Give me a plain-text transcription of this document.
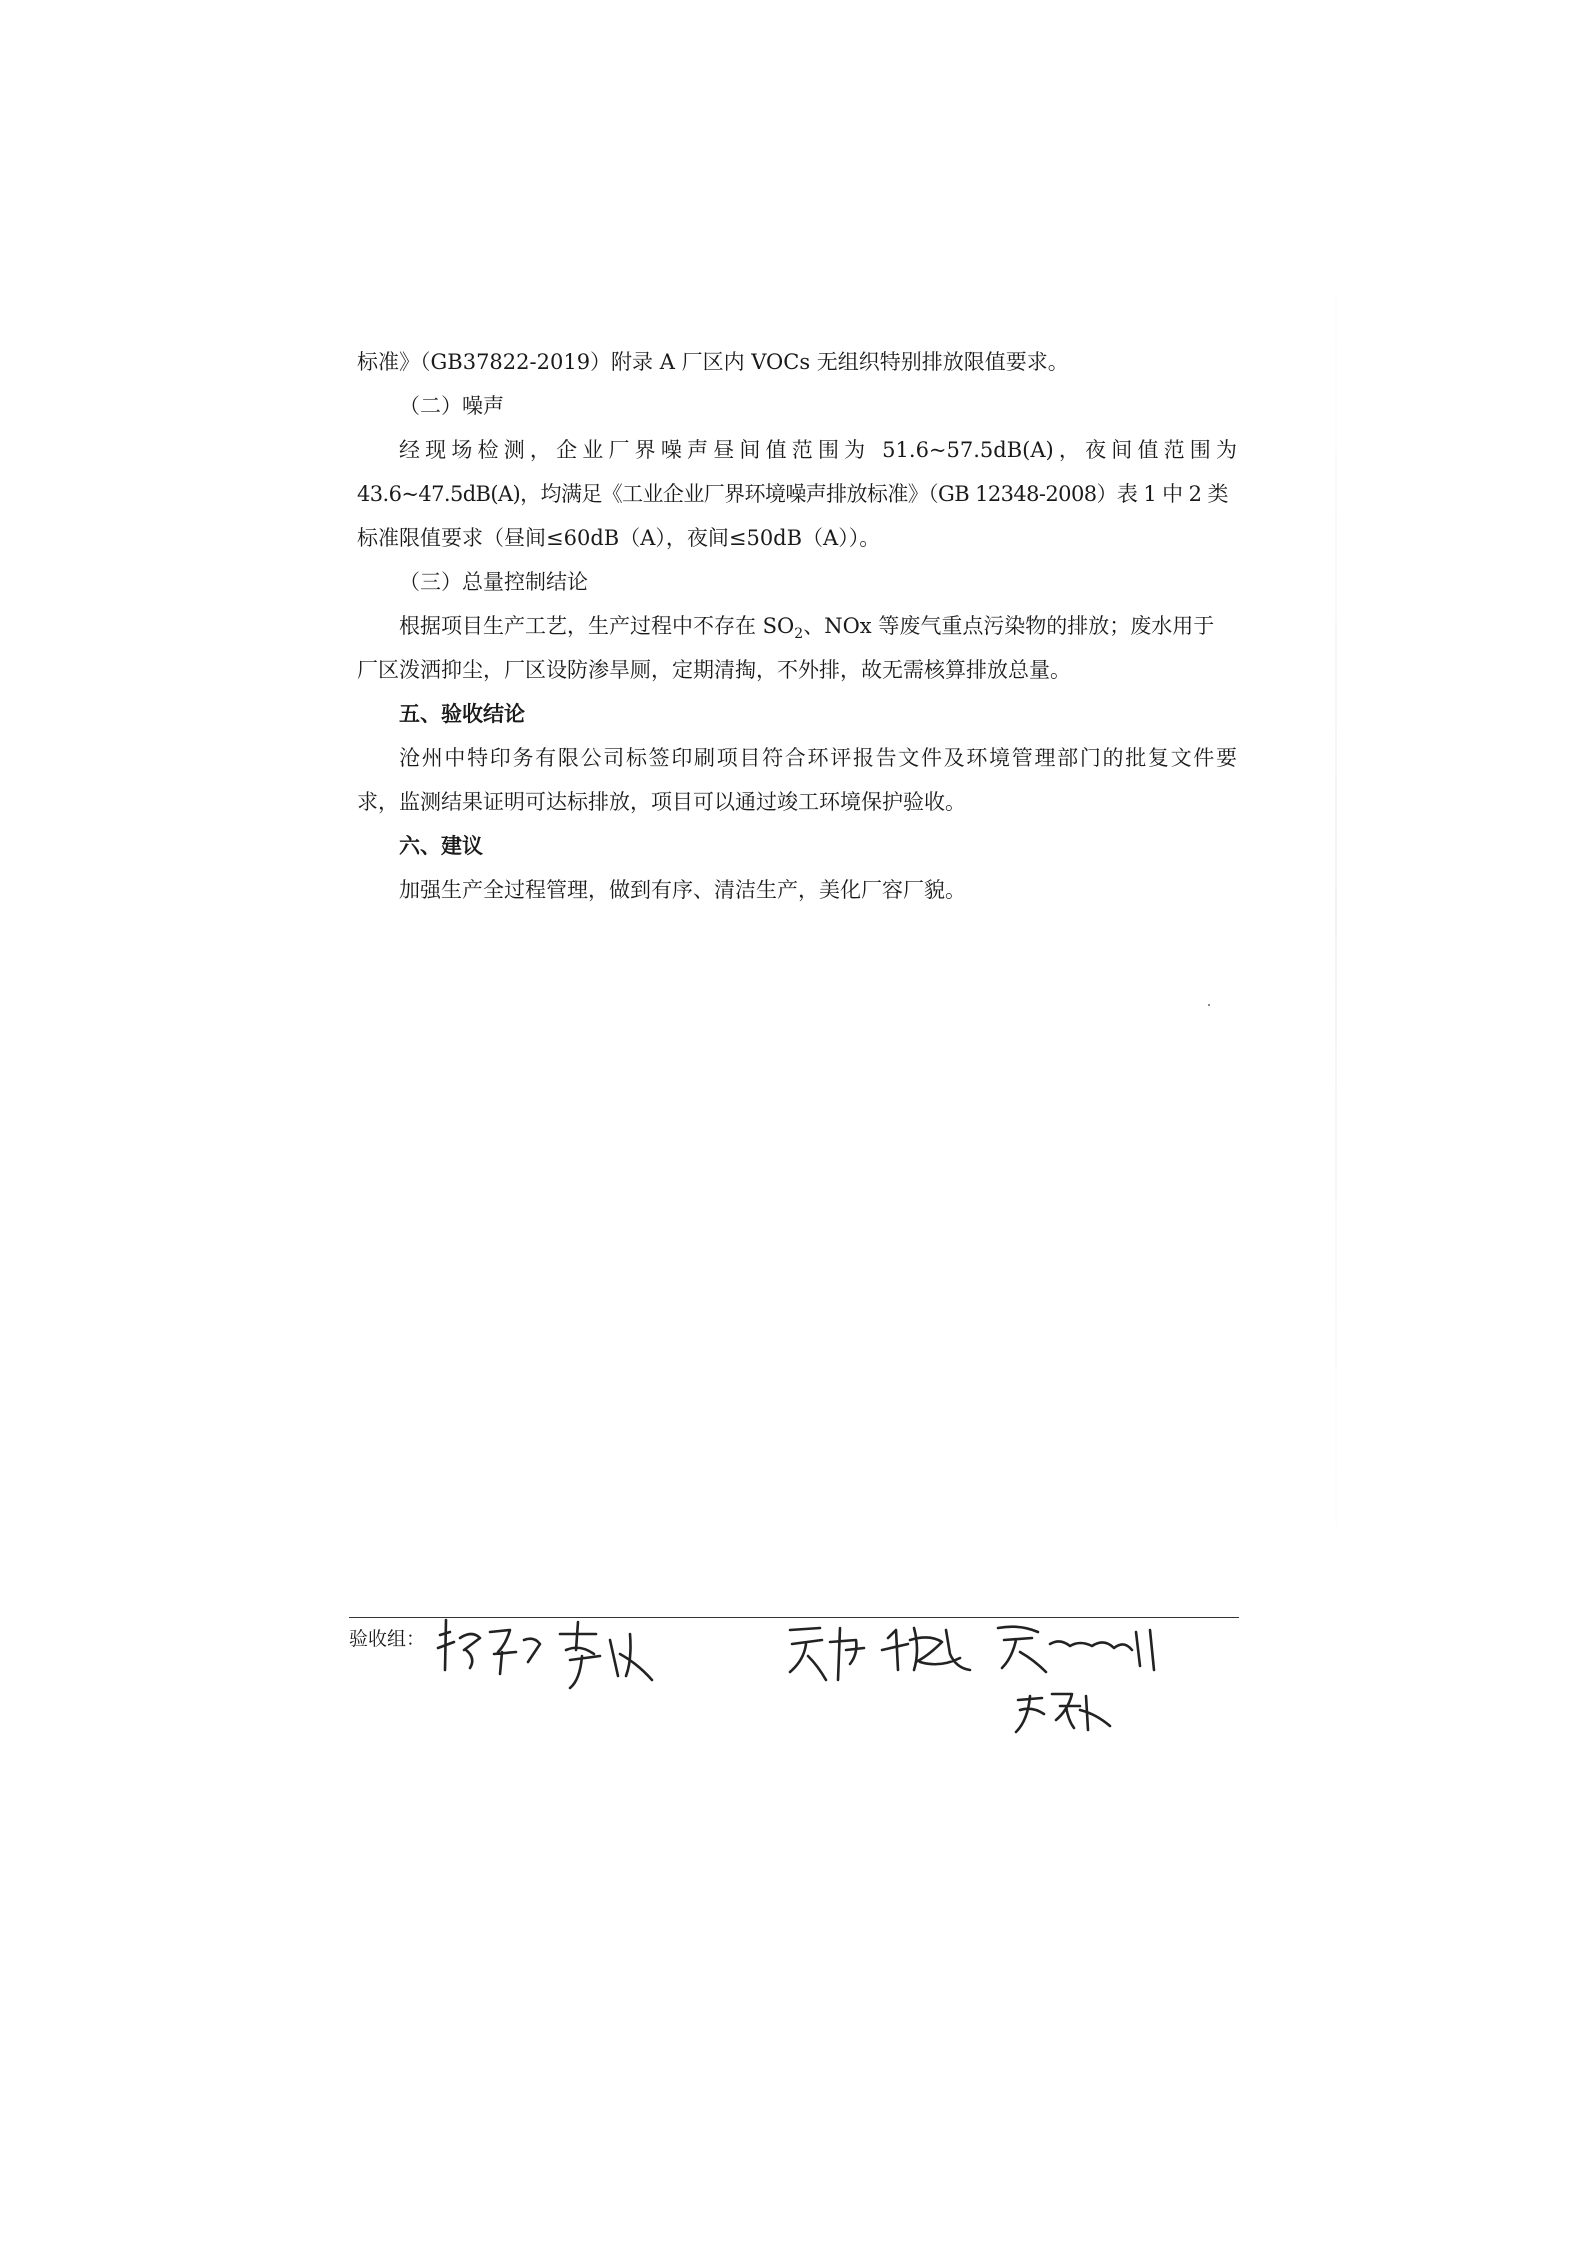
标准》（GB37822-2019）附录 A 厂区内 VOCs 无组织特别排放限值要求。

（二）噪声

经现场检测，企业厂界噪声昼间值范围为 51.6~57.5dB(A)，夜间值范围为

43.6~47.5dB(A)，均满足《工业企业厂界环境噪声排放标准》（GB 12348-2008）表 1 中 2 类

标准限值要求（昼间≤60dB（A），夜间≤50dB（A））。

（三）总量控制结论

根据项目生产工艺，生产过程中不存在 $SO_2$、NOx 等废气重点污染物的排放；废水用于

厂区泼洒抑尘，厂区设防渗旱厕，定期清掏，不外排，故无需核算排放总量。

五、验收结论

沧州中特印务有限公司标签印刷项目符合环评报告文件及环境管理部门的批复文件要

求，监测结果证明可达标排放，项目可以通过竣工环境保护验收。

六、建议

加强生产全过程管理，做到有序、清洁生产，美化厂容厂貌。

验收组：
